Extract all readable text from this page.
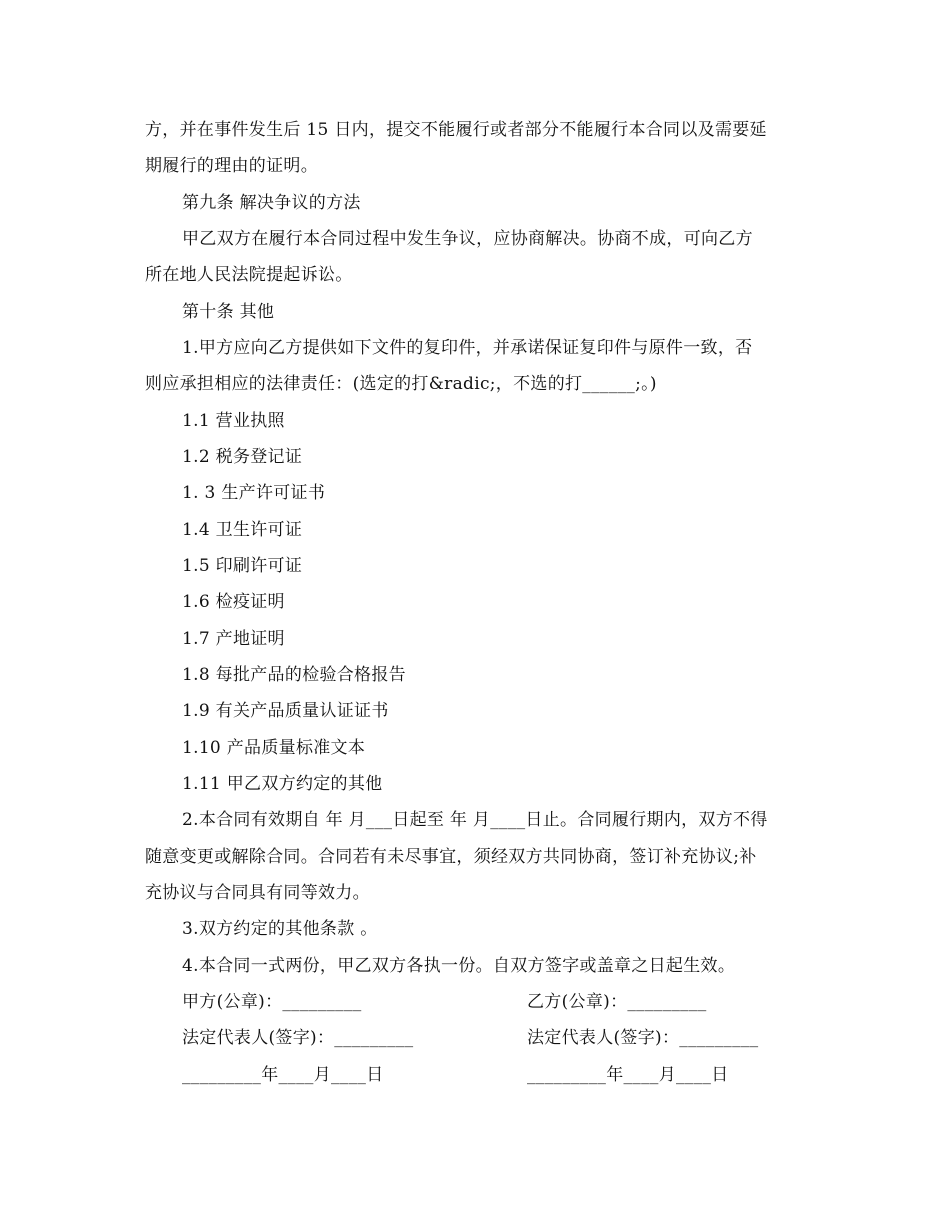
方，并在事件发生后 15 日内，提交不能履行或者部分不能履行本合同以及需要延
期履行的理由的证明。
第九条 解决争议的方法
甲乙双方在履行本合同过程中发生争议，应协商解决。协商不成，可向乙方
所在地人民法院提起诉讼。
第十条 其他
1.甲方应向乙方提供如下文件的复印件，并承诺保证复印件与原件一致，否
则应承担相应的法律责任：(选定的打&radic;，不选的打______;。)
1.1 营业执照
1.2 税务登记证
1. 3 生产许可证书
1.4 卫生许可证
1.5 印刷许可证
1.6 检疫证明
1.7 产地证明
1.8 每批产品的检验合格报告
1.9 有关产品质量认证证书
1.10 产品质量标准文本
1.11 甲乙双方约定的其他
2.本合同有效期自 年 月___日起至 年 月____日止。合同履行期内，双方不得
随意变更或解除合同。合同若有未尽事宜，须经双方共同协商，签订补充协议;补
充协议与合同具有同等效力。
3.双方约定的其他条款 。
4.本合同一式两份，甲乙双方各执一份。自双方签字或盖章之日起生效。
甲方(公章)：_________	乙方(公章)：_________
法定代表人(签字)：_________	法定代表人(签字)：_________
_________年____月____日	_________年____月____日
